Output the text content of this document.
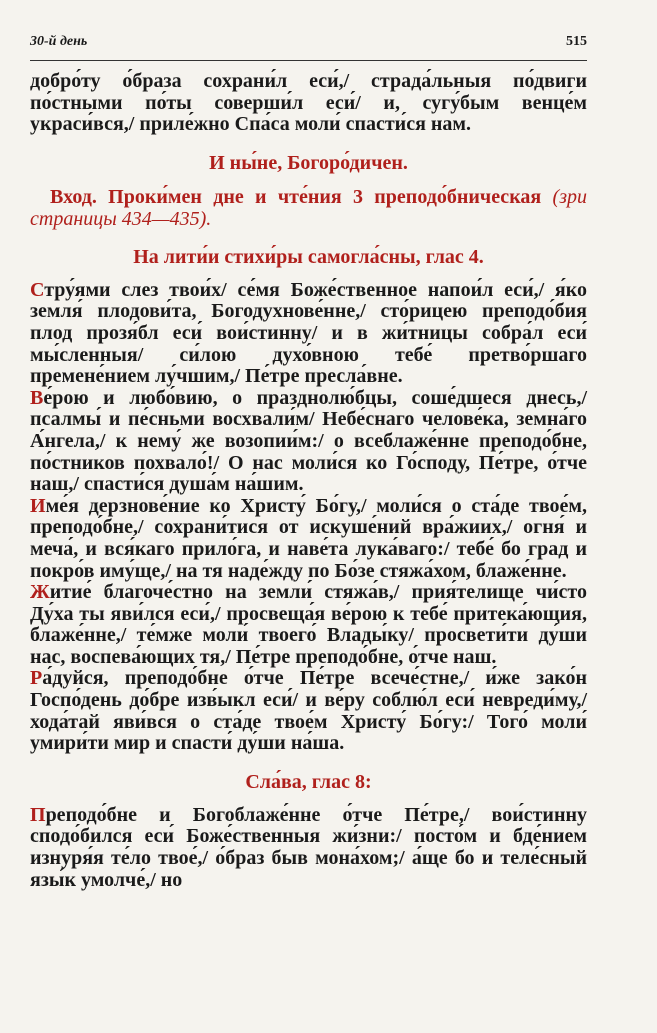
30-й день	515

добро́ту о́браза сохрани́л еси́,/ страда́льныя по́двиги по́стными по́ты соверши́л еси́/ и, сугу́бым венце́м украси́вся,/ приле́жно Спа́са моли́ спасти́ся нам.

И ны́не, Богоро́дичен.

Вход. Проки́мен дне и чте́ния 3 преподо́бническая (зри страницы 434—435).

На лити́и стихи́ры самогла́сны, глас 4.

Стру́ями слез твои́х/ се́мя Боже́ственное напои́л еси́,/ я́ко земля́ плодови́та, Богодухнове́нне,/ сто́рицею преподо́бия плод прозя́бл еси́ вои́стинну/ и в жи́тницы собра́л еси́ мы́сленныя/ си́лою духо́вною тебе́ претво́ршаго премене́нием лу́чшим,/ Пе́тре пресла́вне.

Ве́рою и любо́вию, о празднолю́бцы, соше́дшеся днесь,/ псалмы́ и пе́сньми восхвали́м/ Небе́снаго челове́ка, земна́го А́нгела,/ к нему́ же возопии́м:/ о всеблаже́нне преподо́бне, по́стников похвало́!/ О нас моли́ся ко Го́споду, Пе́тре, о́тче наш,/ спасти́ся душа́м на́шим.

Име́я дерзнове́ние ко Христу́ Бо́гу,/ моли́ся о ста́де твое́м, преподо́бне,/ сохрани́тися от искуше́ний вра́жиих,/ огня́ и меча́, и вся́каго прило́га, и наве́та лука́ваго:/ тебе́ бо град и покро́в иму́ще,/ на тя наде́жду по Бо́зе стяжа́хом, блаже́нне.

Житие́ благоче́стно на земли́ стяжа́в,/ прия́телище чи́сто Ду́ха ты яви́лся еси́,/ просвеща́я ве́рою к тебе́ притека́ющия, блаже́нне,/ те́мже моли́ твоего́ Влады́ку/ просвети́ти ду́ши нас, воспева́ющих тя,/ Пе́тре преподо́бне, о́тче наш.

Ра́дуйся, преподо́бне о́тче Пе́тре всече́стне,/ и́же зако́н Госпо́день до́бре изв́ыкл еси́/ и ве́ру соблю́л еси́ невреди́му,/ хода́тай яви́вся о ста́де твое́м Христу́ Бо́гу:/ Того́ моли́ умири́ти мир и спасти́ ду́ши на́ша.

Сла́ва, глас 8:

Преподо́бне и Богоблаже́нне о́тче Пе́тре,/ вои́стинну сподо́бился еси́ Боже́ственныя жи́зни:/ посто́м и бде́нием изнуря́я те́ло твое́,/ о́браз быв мона́хом;/ а́ще бо и теле́сный язы́к умолче́,/ но
